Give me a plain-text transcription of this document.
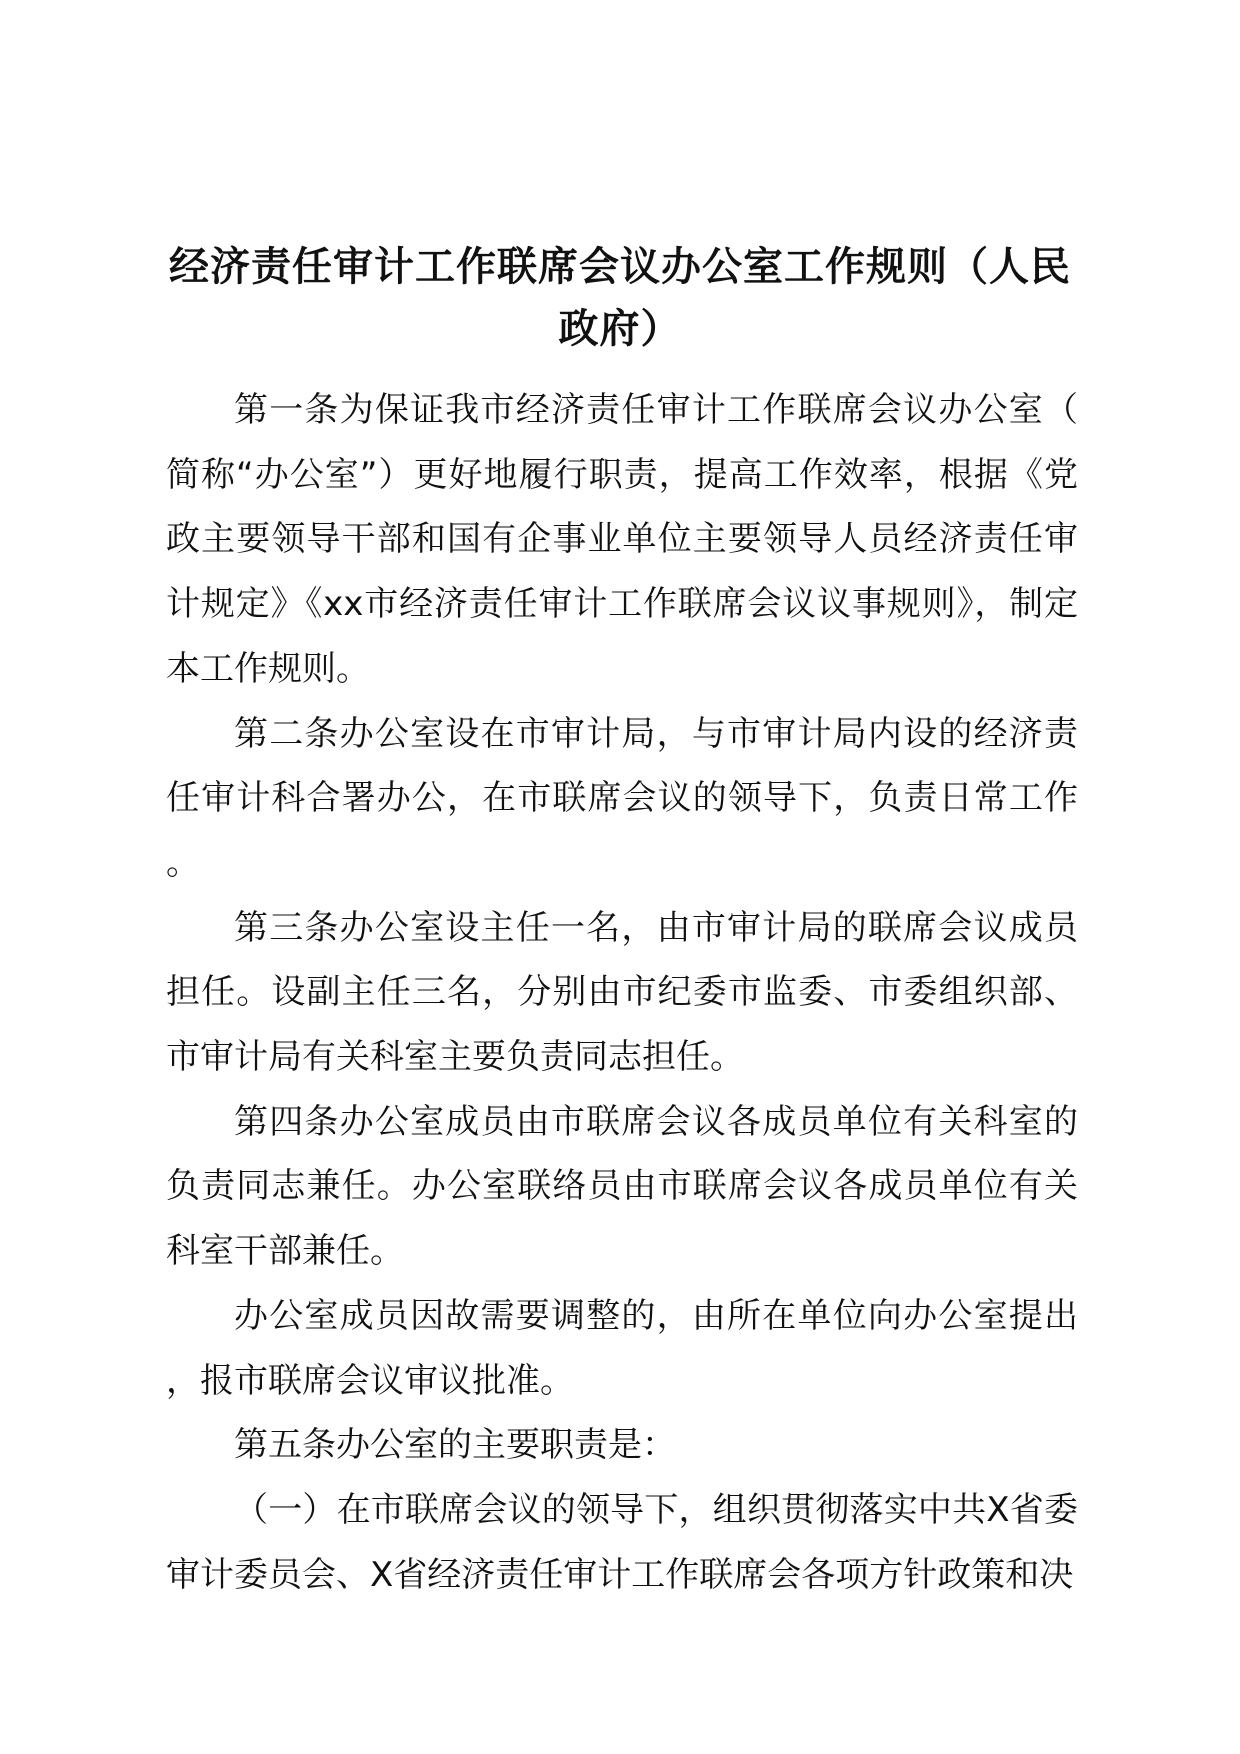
经济责任审计工作联席会议办公室工作规则（人民政府）

第一条为保证我市经济责任审计工作联席会议办公室（简称“办公室”）更好地履行职责，提高工作效率，根据《党政主要领导干部和国有企事业单位主要领导人员经济责任审计规定》《xx市经济责任审计工作联席会议议事规则》，制定本工作规则。

第二条办公室设在市审计局，与市审计局内设的经济责任审计科合署办公，在市联席会议的领导下，负责日常工作。

第三条办公室设主任一名，由市审计局的联席会议成员担任。设副主任三名，分别由市纪委市监委、市委组织部、市审计局有关科室主要负责同志担任。

第四条办公室成员由市联席会议各成员单位有关科室的负责同志兼任。办公室联络员由市联席会议各成员单位有关科室干部兼任。

办公室成员因故需要调整的，由所在单位向办公室提出，报市联席会议审议批准。

第五条办公室的主要职责是：

（一）在市联席会议的领导下，组织贯彻落实中共X省委审计委员会、X省经济责任审计工作联席会各项方针政策和决
